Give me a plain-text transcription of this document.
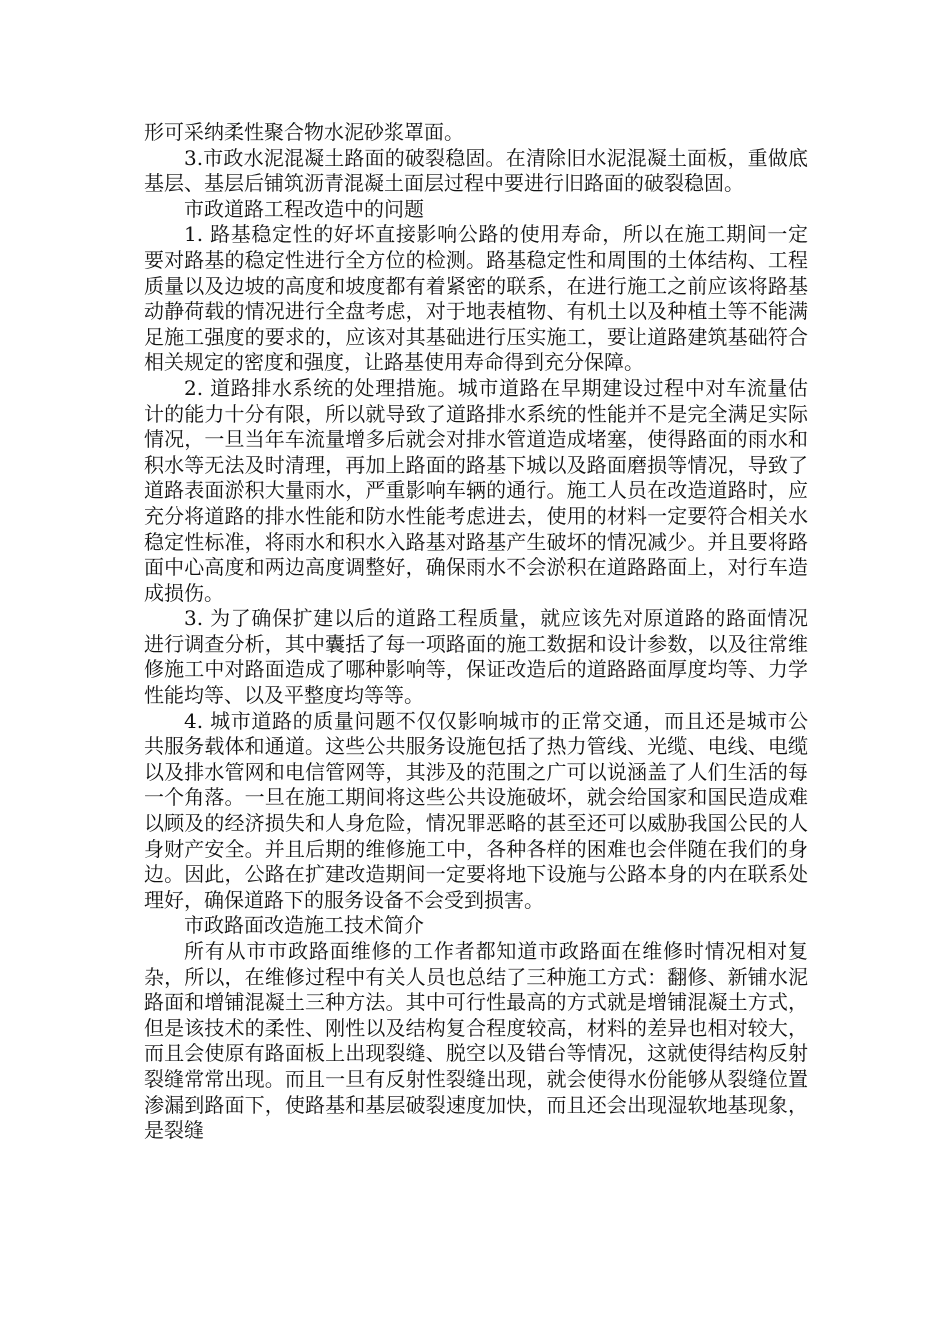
形可采纳柔性聚合物水泥砂浆罩面。

3.市政水泥混凝土路面的破裂稳固。在清除旧水泥混凝土面板，重做底基层、基层后铺筑沥青混凝土面层过程中要进行旧路面的破裂稳固。

市政道路工程改造中的问题

1. 路基稳定性的好坏直接影响公路的使用寿命，所以在施工期间一定要对路基的稳定性进行全方位的检测。路基稳定性和周围的土体结构、工程质量以及边坡的高度和坡度都有着紧密的联系，在进行施工之前应该将路基动静荷载的情况进行全盘考虑，对于地表植物、有机土以及种植土等不能满足施工强度的要求的，应该对其基础进行压实施工，要让道路建筑基础符合相关规定的密度和强度，让路基使用寿命得到充分保障。

2. 道路排水系统的处理措施。城市道路在早期建设过程中对车流量估计的能力十分有限，所以就导致了道路排水系统的性能并不是完全满足实际情况，一旦当年车流量增多后就会对排水管道造成堵塞，使得路面的雨水和积水等无法及时清理，再加上路面的路基下城以及路面磨损等情况，导致了道路表面淤积大量雨水，严重影响车辆的通行。施工人员在改造道路时，应充分将道路的排水性能和防水性能考虑进去，使用的材料一定要符合相关水稳定性标准，将雨水和积水入路基对路基产生破坏的情况减少。并且要将路面中心高度和两边高度调整好，确保雨水不会淤积在道路路面上，对行车造成损伤。

3. 为了确保扩建以后的道路工程质量，就应该先对原道路的路面情况进行调查分析，其中囊括了每一项路面的施工数据和设计参数，以及往常维修施工中对路面造成了哪种影响等，保证改造后的道路路面厚度均等、力学性能均等、以及平整度均等等。

4. 城市道路的质量问题不仅仅影响城市的正常交通，而且还是城市公共服务载体和通道。这些公共服务设施包括了热力管线、光缆、电线、电缆以及排水管网和电信管网等，其涉及的范围之广可以说涵盖了人们生活的每一个角落。一旦在施工期间将这些公共设施破坏，就会给国家和国民造成难以顾及的经济损失和人身危险，情况罪恶略的甚至还可以威胁我国公民的人身财产安全。并且后期的维修施工中，各种各样的困难也会伴随在我们的身边。因此，公路在扩建改造期间一定要将地下设施与公路本身的内在联系处理好，确保道路下的服务设备不会受到损害。

市政路面改造施工技术简介

所有从市市政路面维修的工作者都知道市政路面在维修时情况相对复杂，所以，在维修过程中有关人员也总结了三种施工方式：翻修、新铺水泥路面和增铺混凝土三种方法。其中可行性最高的方式就是增铺混凝土方式，但是该技术的柔性、刚性以及结构复合程度较高，材料的差异也相对较大，而且会使原有路面板上出现裂缝、脱空以及错台等情况，这就使得结构反射裂缝常常出现。而且一旦有反射性裂缝出现，就会使得水份能够从裂缝位置渗漏到路面下，使路基和基层破裂速度加快，而且还会出现湿软地基现象，是裂缝
